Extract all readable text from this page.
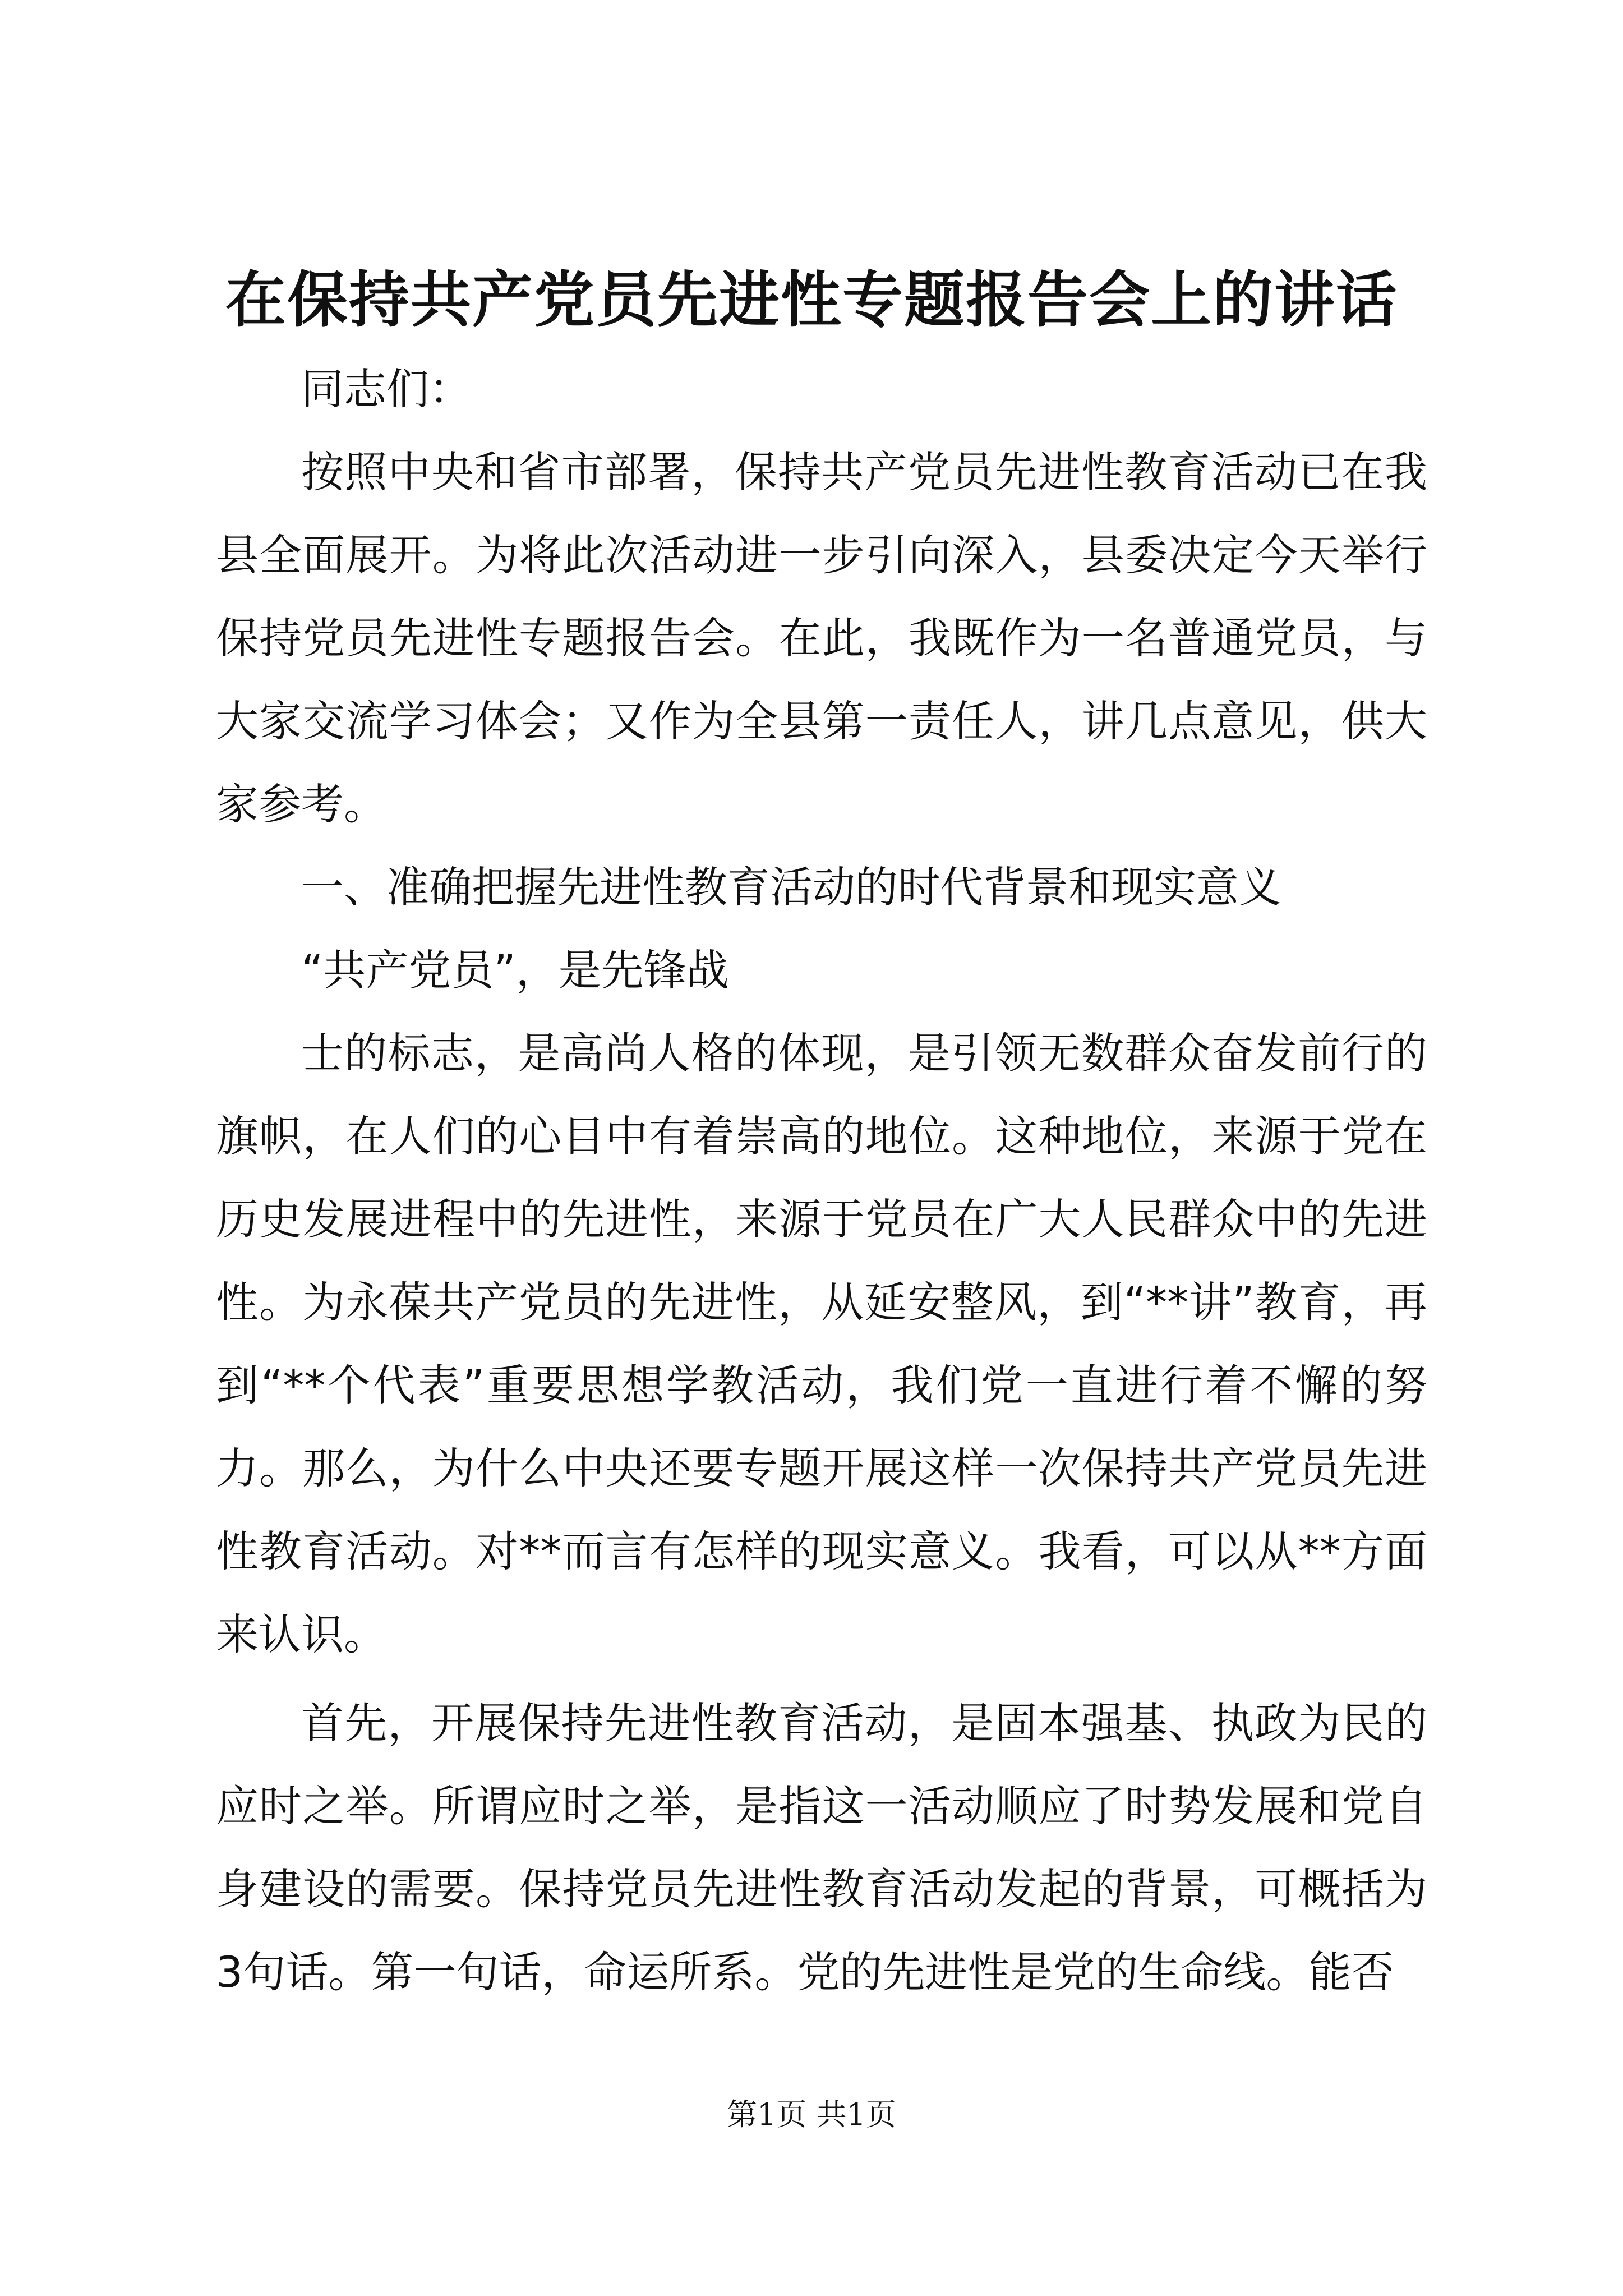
在保持共产党员先进性专题报告会上的讲话

同志们：

按照中央和省市部署，保持共产党员先进性教育活动已在我县全面展开。为将此次活动进一步引向深入，县委决定今天举行保持党员先进性专题报告会。在此，我既作为一名普通党员，与大家交流学习体会；又作为全县第一责任人，讲几点意见，供大家参考。

一、准确把握先进性教育活动的时代背景和现实意义

“共产党员”，是先锋战

士的标志，是高尚人格的体现，是引领无数群众奋发前行的旗帜，在人们的心目中有着崇高的地位。这种地位，来源于党在历史发展进程中的先进性，来源于党员在广大人民群众中的先进性。为永葆共产党员的先进性，从延安整风，到“**讲”教育，再到“**个代表”重要思想学教活动，我们党一直进行着不懈的努力。那么，为什么中央还要专题开展这样一次保持共产党员先进性教育活动。对**而言有怎样的现实意义。我看，可以从**方面来认识。

首先，开展保持先进性教育活动，是固本强基、执政为民的应时之举。所谓应时之举，是指这一活动顺应了时势发展和党自身建设的需要。保持党员先进性教育活动发起的背景，可概括为3句话。第一句话，命运所系。党的先进性是党的生命线。能否

第1页 共1页
